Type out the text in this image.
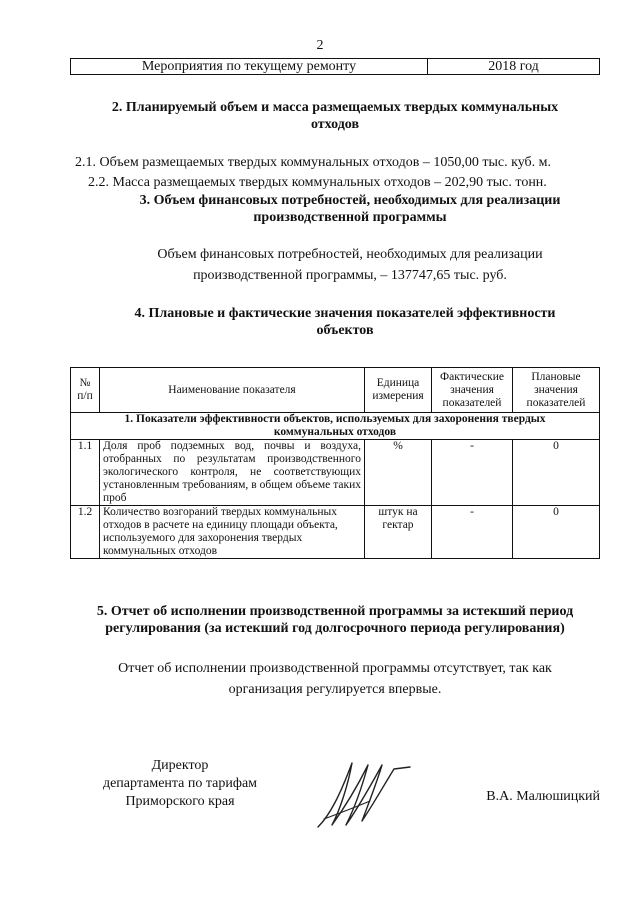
2
Мероприятия по текущему ремонту	2018 год
2. Планируемый объем и масса размещаемых твердых коммунальных
отходов
2.1. Объем размещаемых твердых коммунальных отходов – 1050,00 тыс. куб. м.
2.2. Масса размещаемых твердых коммунальных отходов – 202,90 тыс. тонн.
3. Объем финансовых потребностей, необходимых для реализации
производственной программы
Объем финансовых потребностей, необходимых для реализации
производственной программы, – 137747,65 тыс. руб.
4. Плановые и фактические значения показателей эффективности
объектов
№ п/п	Наименование показателя	Единица измерения	Фактические значения показателей	Плановые значения показателей
1. Показатели эффективности объектов, используемых для захоронения твердых коммунальных отходов				
1.1	Доля проб подземных вод, почвы и воздуха, отобранных по результатам производственного экологического контроля, не соответствующих установленным требованиям, в общем объеме таких проб	%	-	0
1.2	Количество возгораний твердых коммунальных отходов в расчете на единицу площади объекта, используемого для захоронения твердых коммунальных отходов	штук на гектар	-	0
5. Отчет об исполнении производственной программы за истекший период
регулирования (за истекший год долгосрочного периода регулирования)
Отчет об исполнении производственной программы отсутствует, так как
организация регулируется впервые.
Директор
департамента по тарифам
Приморского края	В.А. Малюшицкий
